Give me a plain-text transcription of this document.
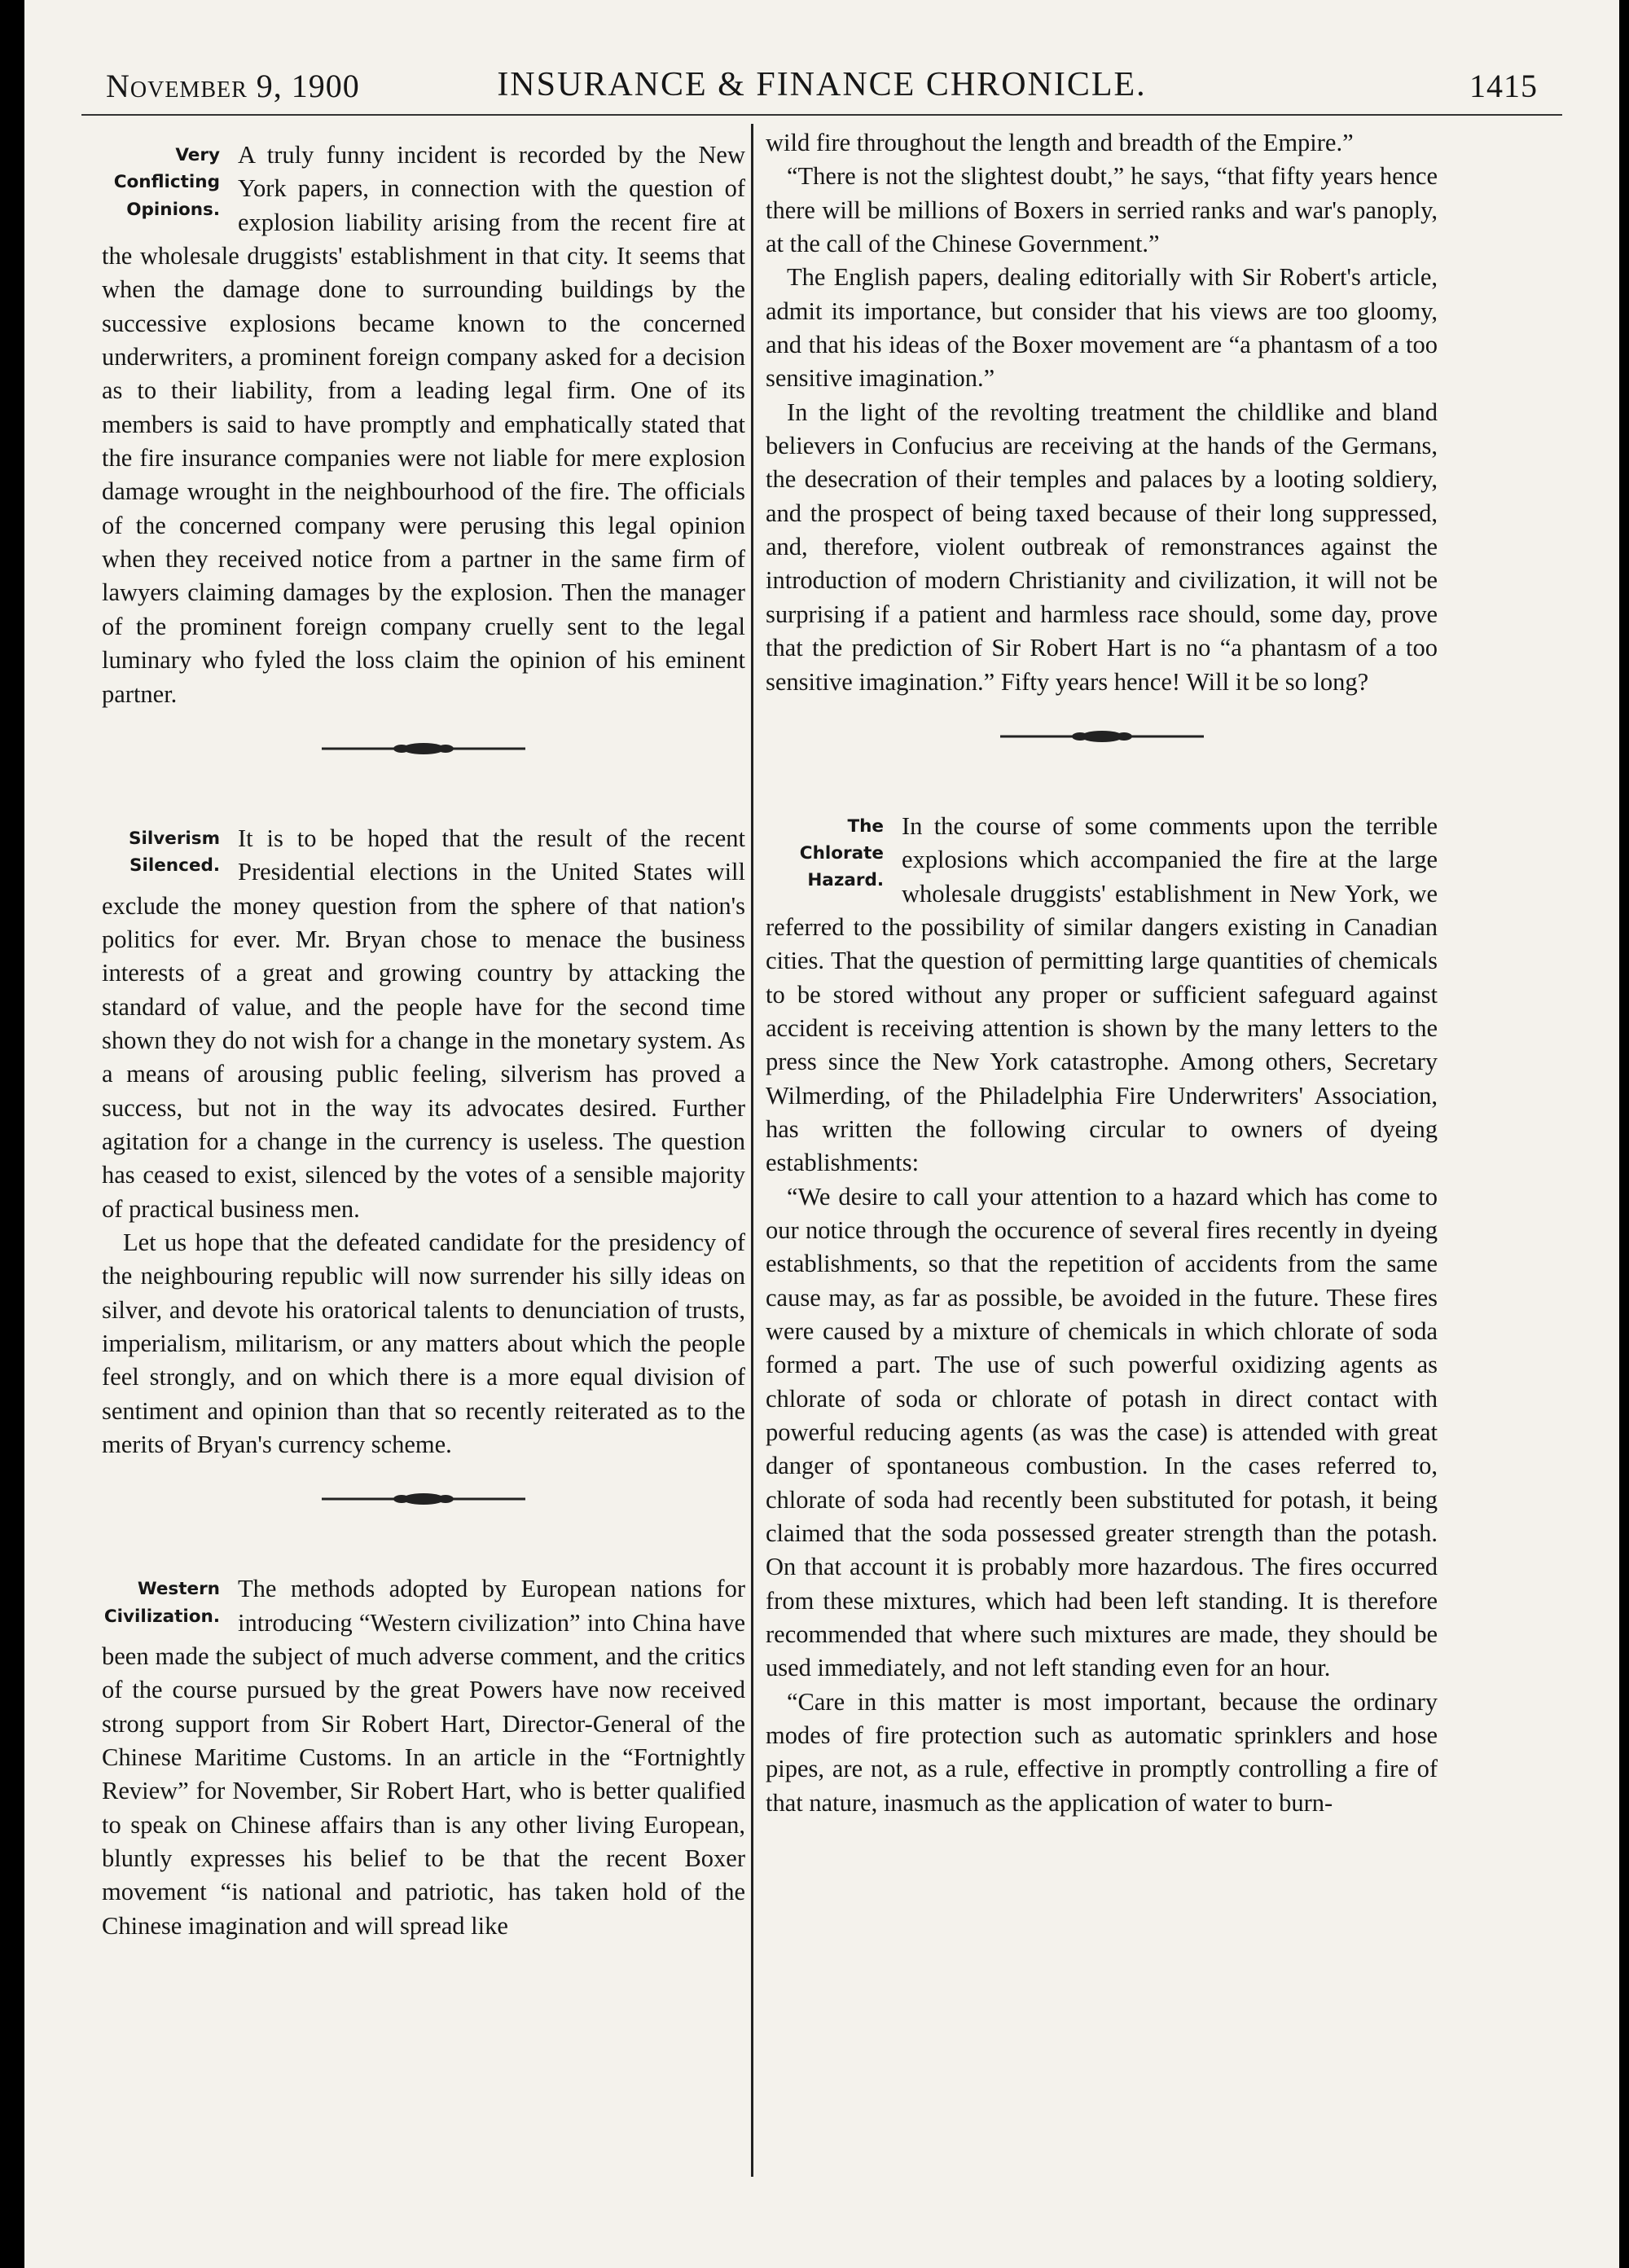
November 9, 1900	INSURANCE & FINANCE CHRONICLE.	1415
Very Conflicting Opinions.

A truly funny incident is recorded by the New York papers, in connection with the question of explosion liability arising from the recent fire at the wholesale druggists' establishment in that city. It seems that when the damage done to surrounding buildings by the successive explosions became known to the concerned underwriters, a prominent foreign company asked for a decision as to their liability, from a leading legal firm. One of its members is said to have promptly and emphatically stated that the fire insurance companies were not liable for mere explosion damage wrought in the neighbourhood of the fire. The officials of the concerned company were perusing this legal opinion when they received notice from a partner in the same firm of lawyers claiming damages by the explosion. Then the manager of the prominent foreign company cruelly sent to the legal luminary who fyled the loss claim the opinion of his eminent partner.

Silverism Silenced.

It is to be hoped that the result of the recent Presidential elections in the United States will exclude the money question from the sphere of that nation's politics for ever. Mr. Bryan chose to menace the business interests of a great and growing country by attacking the standard of value, and the people have for the second time shown they do not wish for a change in the monetary system. As a means of arousing public feeling, silverism has proved a success, but not in the way its advocates desired. Further agitation for a change in the currency is useless. The question has ceased to exist, silenced by the votes of a sensible majority of practical business men.

Let us hope that the defeated candidate for the presidency of the neighbouring republic will now surrender his silly ideas on silver, and devote his oratorical talents to denunciation of trusts, imperialism, militarism, or any matters about which the people feel strongly, and on which there is a more equal division of sentiment and opinion than that so recently reiterated as to the merits of Bryan's currency scheme.

Western Civilization.

The methods adopted by European nations for introducing “Western civilization” into China have been made the subject of much adverse comment, and the critics of the course pursued by the great Powers have now received strong support from Sir Robert Hart, Director-General of the Chinese Maritime Customs. In an article in the “Fortnightly Review” for November, Sir Robert Hart, who is better qualified to speak on Chinese affairs than is any other living European, bluntly expresses his belief to be that the recent Boxer movement “is national and patriotic, has taken hold of the Chinese imagination and will spread like

wild fire throughout the length and breadth of the Empire.”

“There is not the slightest doubt,” he says, “that fifty years hence there will be millions of Boxers in serried ranks and war's panoply, at the call of the Chinese Government.”

The English papers, dealing editorially with Sir Robert's article, admit its importance, but consider that his views are too gloomy, and that his ideas of the Boxer movement are “a phantasm of a too sensitive imagination.”

In the light of the revolting treatment the childlike and bland believers in Confucius are receiving at the hands of the Germans, the desecration of their temples and palaces by a looting soldiery, and the prospect of being taxed because of their long suppressed, and, therefore, violent outbreak of remonstrances against the introduction of modern Christianity and civilization, it will not be surprising if a patient and harmless race should, some day, prove that the prediction of Sir Robert Hart is no “a phantasm of a too sensitive imagination.” Fifty years hence! Will it be so long?

The Chlorate Hazard.

In the course of some comments upon the terrible explosions which accompanied the fire at the large wholesale druggists' establishment in New York, we referred to the possibility of similar dangers existing in Canadian cities. That the question of permitting large quantities of chemicals to be stored without any proper or sufficient safeguard against accident is receiving attention is shown by the many letters to the press since the New York catastrophe. Among others, Secretary Wilmerding, of the Philadelphia Fire Underwriters' Association, has written the following circular to owners of dyeing establishments:

“We desire to call your attention to a hazard which has come to our notice through the occurence of several fires recently in dyeing establishments, so that the repetition of accidents from the same cause may, as far as possible, be avoided in the future. These fires were caused by a mixture of chemicals in which chlorate of soda formed a part. The use of such powerful oxidizing agents as chlorate of soda or chlorate of potash in direct contact with powerful reducing agents (as was the case) is attended with great danger of spontaneous combustion. In the cases referred to, chlorate of soda had recently been substituted for potash, it being claimed that the soda possessed greater strength than the potash. On that account it is probably more hazardous. The fires occurred from these mixtures, which had been left standing. It is therefore recommended that where such mixtures are made, they should be used immediately, and not left standing even for an hour.

“Care in this matter is most important, because the ordinary modes of fire protection such as automatic sprinklers and hose pipes, are not, as a rule, effective in promptly controlling a fire of that nature, inasmuch as the application of water to burn-
